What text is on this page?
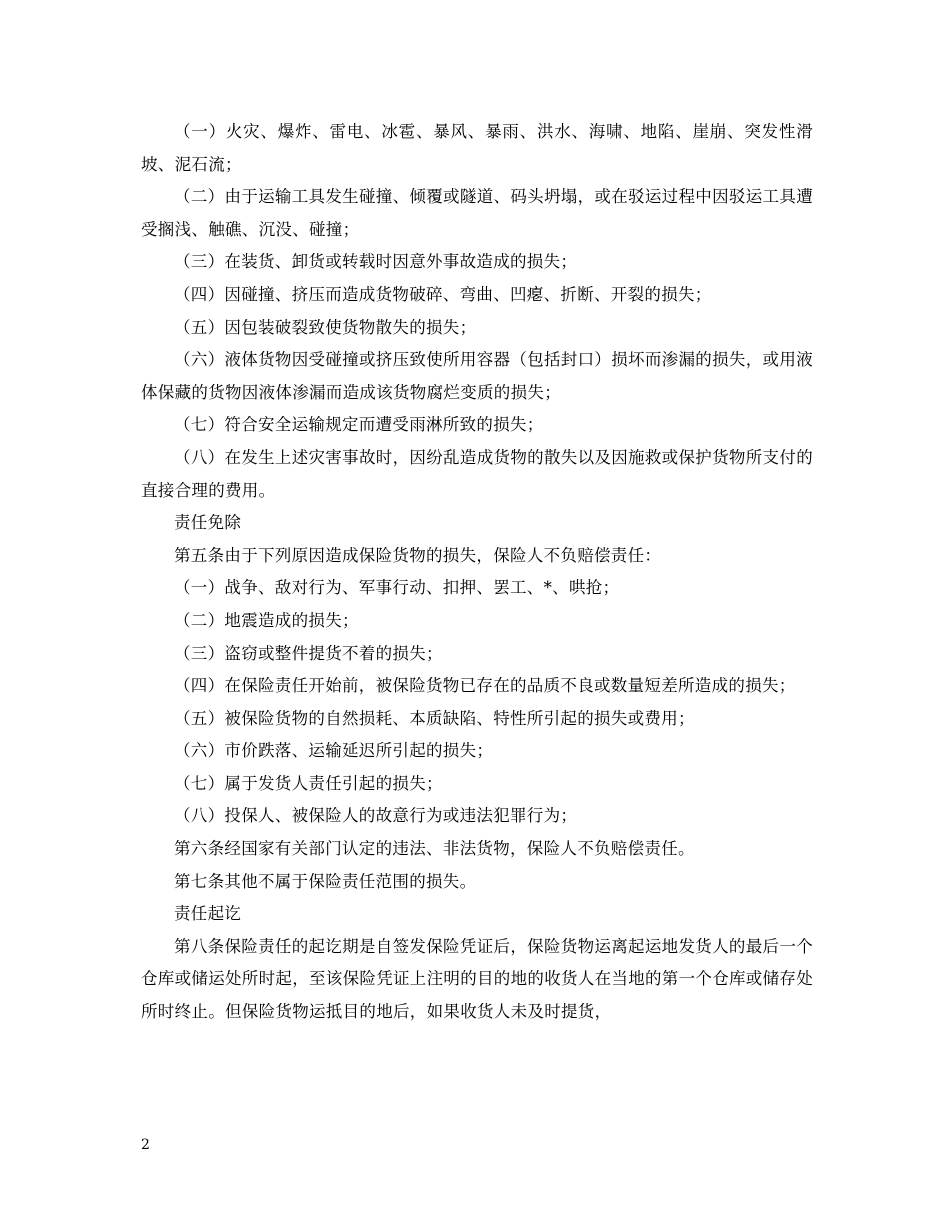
（一）火灾、爆炸、雷电、冰雹、暴风、暴雨、洪水、海啸、地陷、崖崩、突发性滑坡、泥石流；

（二）由于运输工具发生碰撞、倾覆或隧道、码头坍塌，或在驳运过程中因驳运工具遭受搁浅、触礁、沉没、碰撞；

（三）在装货、卸货或转载时因意外事故造成的损失；

（四）因碰撞、挤压而造成货物破碎、弯曲、凹瘪、折断、开裂的损失；

（五）因包装破裂致使货物散失的损失；

（六）液体货物因受碰撞或挤压致使所用容器（包括封口）损坏而渗漏的损失，或用液体保藏的货物因液体渗漏而造成该货物腐烂变质的损失；

（七）符合安全运输规定而遭受雨淋所致的损失；

（八）在发生上述灾害事故时，因纷乱造成货物的散失以及因施救或保护货物所支付的直接合理的费用。

责任免除

第五条由于下列原因造成保险货物的损失，保险人不负赔偿责任：

（一）战争、敌对行为、军事行动、扣押、罢工、*、哄抢；

（二）地震造成的损失；

（三）盗窃或整件提货不着的损失；

（四）在保险责任开始前，被保险货物已存在的品质不良或数量短差所造成的损失；

（五）被保险货物的自然损耗、本质缺陷、特性所引起的损失或费用；

（六）市价跌落、运输延迟所引起的损失；

（七）属于发货人责任引起的损失；

（八）投保人、被保险人的故意行为或违法犯罪行为；

第六条经国家有关部门认定的违法、非法货物，保险人不负赔偿责任。

第七条其他不属于保险责任范围的损失。

责任起讫

第八条保险责任的起讫期是自签发保险凭证后，保险货物运离起运地发货人的最后一个仓库或储运处所时起，至该保险凭证上注明的目的地的收货人在当地的第一个仓库或储存处所时终止。但保险货物运抵目的地后，如果收货人未及时提货，

2
